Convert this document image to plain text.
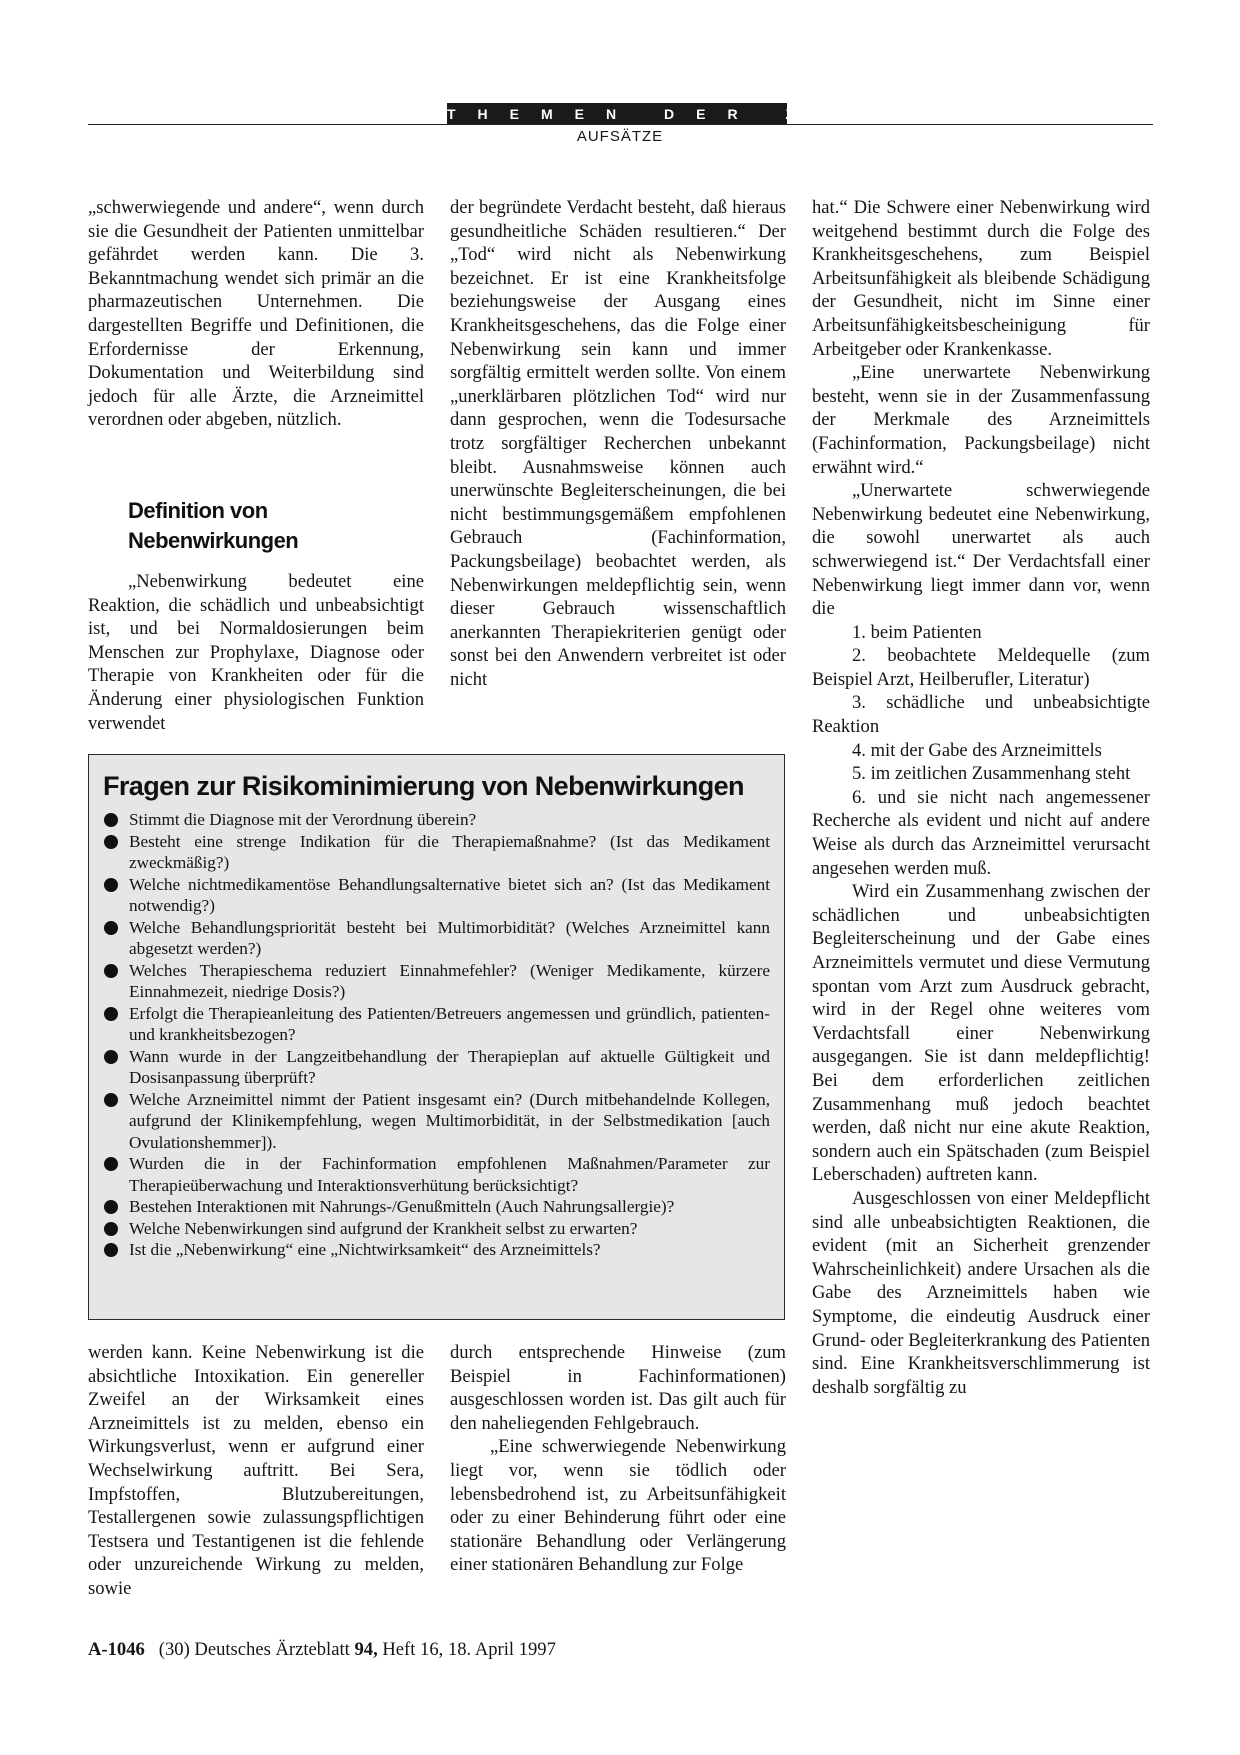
THEMEN DER ZEIT
AUFSÄTZE

„schwerwiegende und andere“, wenn durch sie die Gesundheit der Patienten unmittelbar gefährdet werden kann. Die 3. Bekanntmachung wendet sich primär an die pharmazeutischen Unternehmen. Die dargestellten Begriffe und Definitionen, die Erfordernisse der Erkennung, Dokumentation und Weiterbildung sind jedoch für alle Ärzte, die Arzneimittel verordnen oder abgeben, nützlich.

Definition von Nebenwirkungen

„Nebenwirkung bedeutet eine Reaktion, die schädlich und unbeabsichtigt ist, und bei Normaldosierungen beim Menschen zur Prophylaxe, Diagnose oder Therapie von Krankheiten oder für die Änderung einer physiologischen Funktion verwendet

der begründete Verdacht besteht, daß hieraus gesundheitliche Schäden resultieren.“ Der „Tod“ wird nicht als Nebenwirkung bezeichnet. Er ist eine Krankheitsfolge beziehungsweise der Ausgang eines Krankheitsgeschehens, das die Folge einer Nebenwirkung sein kann und immer sorgfältig ermittelt werden sollte. Von einem „unerklärbaren plötzlichen Tod“ wird nur dann gesprochen, wenn die Todesursache trotz sorgfältiger Recherchen unbekannt bleibt. Ausnahmsweise können auch unerwünschte Begleiterscheinungen, die bei nicht bestimmungsgemäßem empfohlenen Gebrauch (Fachinformation, Packungsbeilage) beobachtet werden, als Nebenwirkungen meldepflichtig sein, wenn dieser Gebrauch wissenschaftlich anerkannten Therapiekriterien genügt oder sonst bei den Anwendern verbreitet ist oder nicht

Fragen zur Risikominimierung von Nebenwirkungen
Stimmt die Diagnose mit der Verordnung überein?
Besteht eine strenge Indikation für die Therapiemaßnahme? (Ist das Medikament zweckmäßig?)
Welche nichtmedikamentöse Behandlungsalternative bietet sich an? (Ist das Medikament notwendig?)
Welche Behandlungspriorität besteht bei Multimorbidität? (Welches Arzneimittel kann abgesetzt werden?)
Welches Therapieschema reduziert Einnahmefehler? (Weniger Medikamente, kürzere Einnahmezeit, niedrige Dosis?)
Erfolgt die Therapieanleitung des Patienten/Betreuers angemessen und gründlich, patienten- und krankheitsbezogen?
Wann wurde in der Langzeitbehandlung der Therapieplan auf aktuelle Gültigkeit und Dosisanpassung überprüft?
Welche Arzneimittel nimmt der Patient insgesamt ein? (Durch mitbehandelnde Kollegen, aufgrund der Klinikempfehlung, wegen Multimorbidität, in der Selbstmedikation [auch Ovulationshemmer]).
Wurden die in der Fachinformation empfohlenen Maßnahmen/Parameter zur Therapieüberwachung und Interaktionsverhütung berücksichtigt?
Bestehen Interaktionen mit Nahrungs-/Genußmitteln (Auch Nahrungsallergie)?
Welche Nebenwirkungen sind aufgrund der Krankheit selbst zu erwarten?
Ist die „Nebenwirkung“ eine „Nichtwirksamkeit“ des Arzneimittels?

werden kann. Keine Nebenwirkung ist die absichtliche Intoxikation. Ein genereller Zweifel an der Wirksamkeit eines Arzneimittels ist zu melden, ebenso ein Wirkungsverlust, wenn er aufgrund einer Wechselwirkung auftritt. Bei Sera, Impfstoffen, Blutzubereitungen, Testallergenen sowie zulassungspflichtigen Testsera und Testantigenen ist die fehlende oder unzureichende Wirkung zu melden, sowie

durch entsprechende Hinweise (zum Beispiel in Fachinformationen) ausgeschlossen worden ist. Das gilt auch für den naheliegenden Fehlgebrauch.

„Eine schwerwiegende Nebenwirkung liegt vor, wenn sie tödlich oder lebensbedrohend ist, zu Arbeitsunfähigkeit oder zu einer Behinderung führt oder eine stationäre Behandlung oder Verlängerung einer stationären Behandlung zur Folge

hat.“ Die Schwere einer Nebenwirkung wird weitgehend bestimmt durch die Folge des Krankheitsgeschehens, zum Beispiel Arbeitsunfähigkeit als bleibende Schädigung der Gesundheit, nicht im Sinne einer Arbeitsunfähigkeitsbescheinigung für Arbeitgeber oder Krankenkasse.

„Eine unerwartete Nebenwirkung besteht, wenn sie in der Zusammenfassung der Merkmale des Arzneimittels (Fachinformation, Packungsbeilage) nicht erwähnt wird.“

„Unerwartete schwerwiegende Nebenwirkung bedeutet eine Nebenwirkung, die sowohl unerwartet als auch schwerwiegend ist.“ Der Verdachtsfall einer Nebenwirkung liegt immer dann vor, wenn die

1. beim Patienten

2. beobachtete Meldequelle (zum Beispiel Arzt, Heilberufler, Literatur)

3. schädliche und unbeabsichtigte Reaktion

4. mit der Gabe des Arzneimittels

5. im zeitlichen Zusammenhang steht

6. und sie nicht nach angemessener Recherche als evident und nicht auf andere Weise als durch das Arzneimittel verursacht angesehen werden muß.

Wird ein Zusammenhang zwischen der schädlichen und unbeabsichtigten Begleiterscheinung und der Gabe eines Arzneimittels vermutet und diese Vermutung spontan vom Arzt zum Ausdruck gebracht, wird in der Regel ohne weiteres vom Verdachtsfall einer Nebenwirkung ausgegangen. Sie ist dann meldepflichtig! Bei dem erforderlichen zeitlichen Zusammenhang muß jedoch beachtet werden, daß nicht nur eine akute Reaktion, sondern auch ein Spätschaden (zum Beispiel Leberschaden) auftreten kann.

Ausgeschlossen von einer Meldepflicht sind alle unbeabsichtigten Reaktionen, die evident (mit an Sicherheit grenzender Wahrscheinlichkeit) andere Ursachen als die Gabe des Arzneimittels haben wie Symptome, die eindeutig Ausdruck einer Grund- oder Begleiterkrankung des Patienten sind. Eine Krankheitsverschlimmerung ist deshalb sorgfältig zu

A-1046 (30) Deutsches Ärzteblatt 94, Heft 16, 18. April 1997
